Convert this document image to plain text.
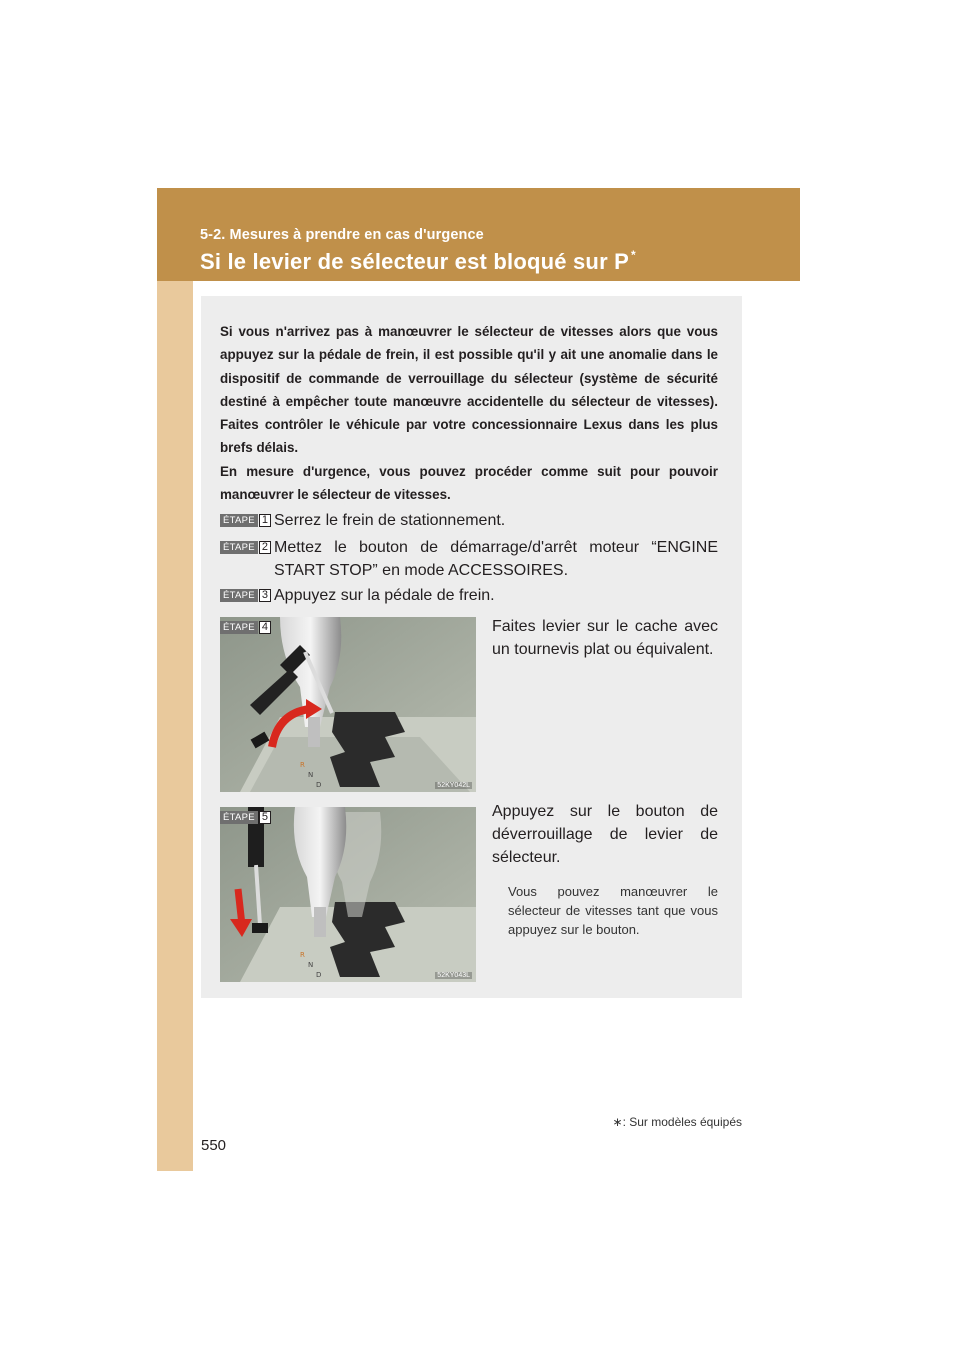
5-2. Mesures à prendre en cas d'urgence

Si le levier de sélecteur est bloqué sur P *

Si vous n'arrivez pas à manœuvrer le sélecteur de vitesses alors que vous appuyez sur la pédale de frein, il est possible qu'il y ait une anomalie dans le dispositif de commande de verrouillage du sélecteur (système de sécurité destiné à empêcher toute manœuvre accidentelle du sélecteur de vitesses). Faites contrôler le véhicule par votre concessionnaire Lexus dans les plus brefs délais.

En mesure d'urgence, vous pouvez procéder comme suit pour pouvoir manœuvrer le sélecteur de vitesses.

ÉTAPE 1 Serrez le frein de stationnement.

ÉTAPE 2 Mettez le bouton de démarrage/d'arrêt moteur “ENGINE START STOP” en mode ACCESSOIRES.

ÉTAPE 3 Appuyez sur la pédale de frein.

R
N
D	52KY042L
ÉTAPE 4	Faites levier sur le cache avec un tournevis plat ou équivalent.

R
N
D	52KY043L
ÉTAPE 5	Appuyez sur le bouton de déverrouillage de levier de sélecteur.

Vous pouvez manœuvrer le sélecteur de vitesses tant que vous appuyez sur le bouton.

∗: Sur modèles équipés

550
